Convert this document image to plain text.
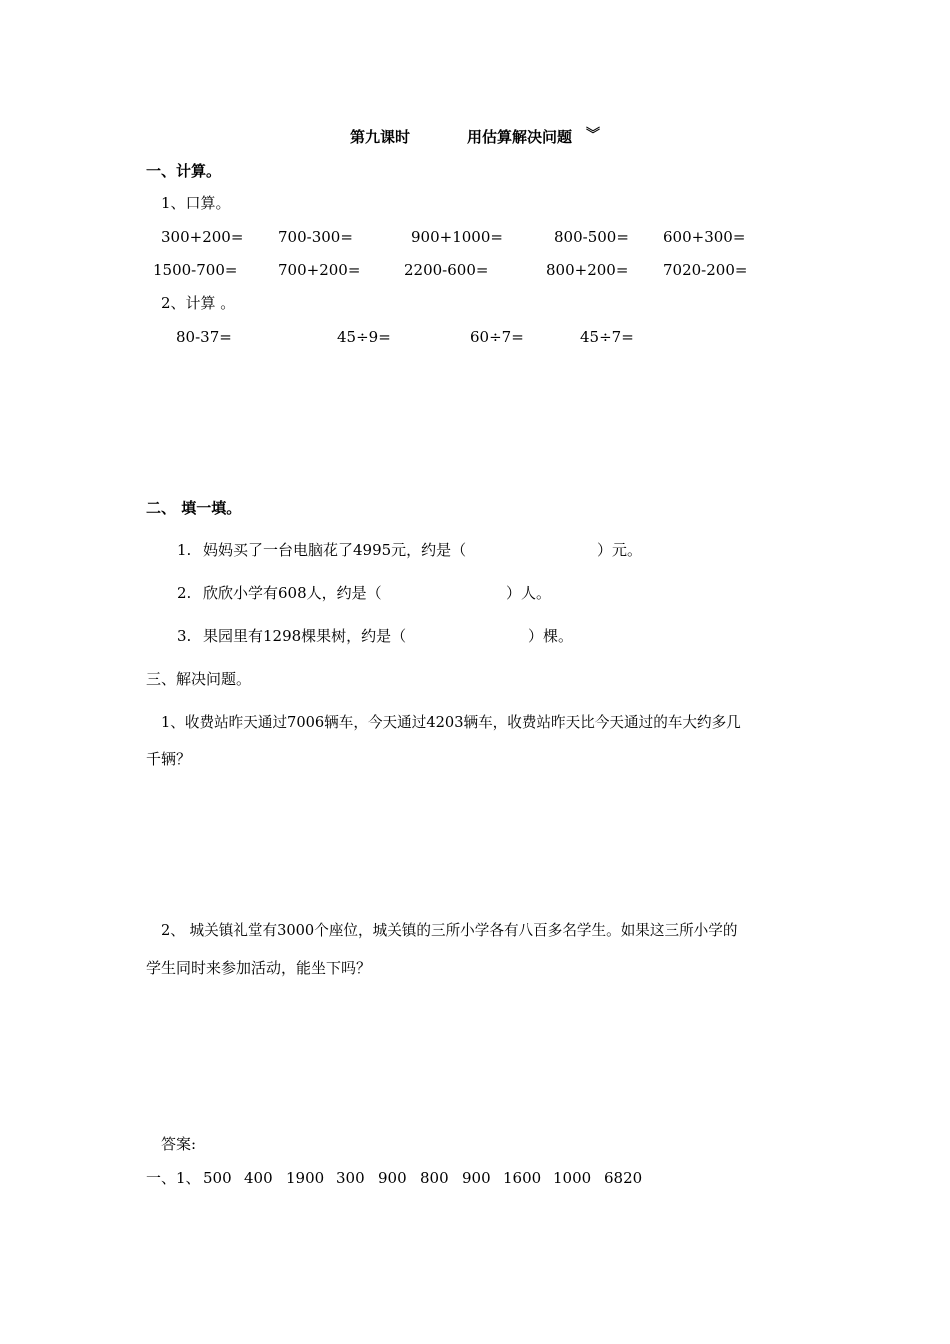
第九课时	用估算解决问题 ︾
一、计算。
1、口算。
300+200= 700-300=	900+1000=	800-500= 600+300=
1500-700=	700+200=	2200-600=	800+200= 7020-200=
2、计算 。
80-37=	45÷9=	60÷7=	45÷7=
二、 填一填。
1. 妈妈买了一台电脑花了4995元，约是（	）元。
2. 欣欣小学有608人，约是（	）人。
3. 果园里有1298棵果树，约是（	）棵。
三、解决问题。
1、收费站昨天通过7006辆车，今天通过4203辆车，收费站昨天比今天通过的车大约多几
千辆？
2、 城关镇礼堂有3000个座位，城关镇的三所小学各有八百多名学生。如果这三所小学的
学生同时来参加活动，能坐下吗？
答案:
一、1、 500 400 1900 300 900 800 900 1600 1000 6820
